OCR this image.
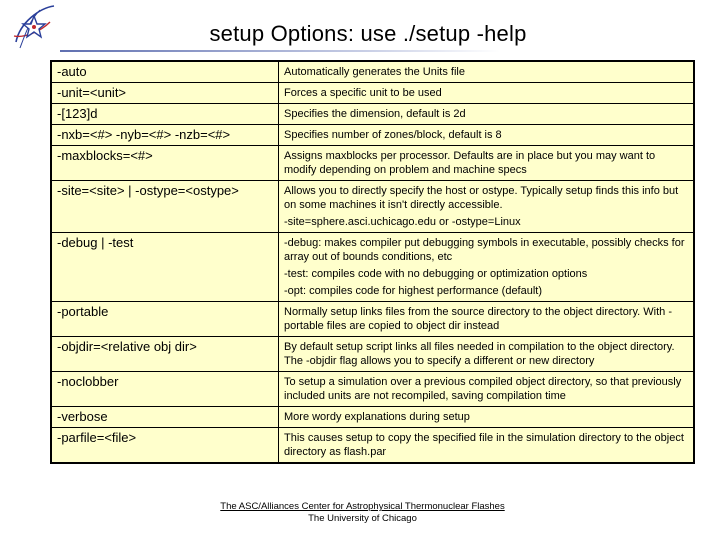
setup Options: use ./setup -help
-auto	Automatically generates the Units file

-unit=<unit>	Forces a specific unit to be used

-[123]d	Specifies the dimension, default is 2d

-nxb=<#> -nyb=<#> -nzb=<#>	Specifies number of zones/block, default is 8

-maxblocks=<#>	Assigns maxblocks per processor. Defaults are in place but you may want to modify depending on problem and machine specs

-site=<site> | -ostype=<ostype>	Allows you to directly specify the host or ostype. Typically setup finds this info but on some machines it isn't directly accessible.
-site=sphere.asci.uchicago.edu or -ostype=Linux

-debug | -test	-debug: makes compiler put debugging symbols in executable, possibly checks for array out of bounds conditions, etc
-test: compiles code with no debugging or optimization options
-opt: compiles code for highest performance (default)

-portable	Normally setup links files from the source directory to the object directory. With -portable files are copied to object dir instead

-objdir=<relative obj dir>	By default setup script links all files needed in compilation to the object directory. The -objdir flag allows you to specify a different or new directory

-noclobber	To setup a simulation over a previous compiled object directory, so that previously included units are not recompiled, saving compilation time

-verbose	More wordy explanations during setup

-parfile=<file>	This causes setup to copy the specified file in the simulation directory to the object directory as flash.par
The ASC/Alliances Center for Astrophysical Thermonuclear Flashes
The University of Chicago
